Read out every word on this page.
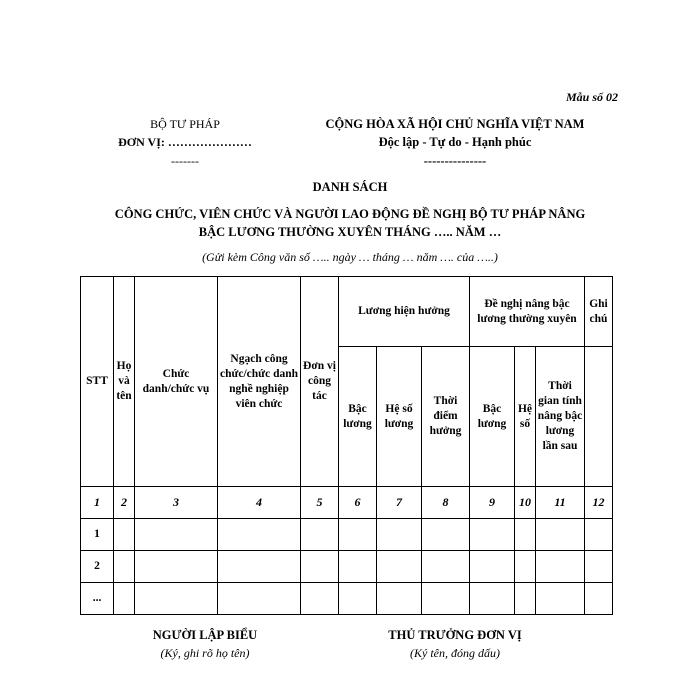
Mẫu số 02
BỘ TƯ PHÁP
ĐƠN VỊ: …………………
-------
CỘNG HÒA XÃ HỘI CHỦ NGHĨA VIỆT NAM
Độc lập - Tự do - Hạnh phúc
---------------
DANH SÁCH
CÔNG CHỨC, VIÊN CHỨC VÀ NGƯỜI LAO ĐỘNG ĐỀ NGHỊ BỘ TƯ PHÁP NÂNG
BẬC LƯƠNG THƯỜNG XUYÊN THÁNG ….. NĂM …
(Gửi kèm Công văn số ….. ngày … tháng … năm …. của …..)
STT	Họ và tên	Chức danh/chức vụ	Ngạch công chức/chức danh nghề nghiệp viên chức	Đơn vị công tác	Lương hiện hưởng			Đề nghị nâng bậc lương thường xuyên			Ghi chú
					Bậc lương	Hệ số lương	Thời điểm hưởng	Bậc lương	Hệ số	Thời gian tính nâng bậc lương lần sau	
1	2	3	4	5	6	7	8	9	10	11	12
1											
2											
...											
NGƯỜI LẬP BIỂU
(Ký, ghi rõ họ tên)
THỦ TRƯỞNG ĐƠN VỊ
(Ký tên, đóng dấu)
